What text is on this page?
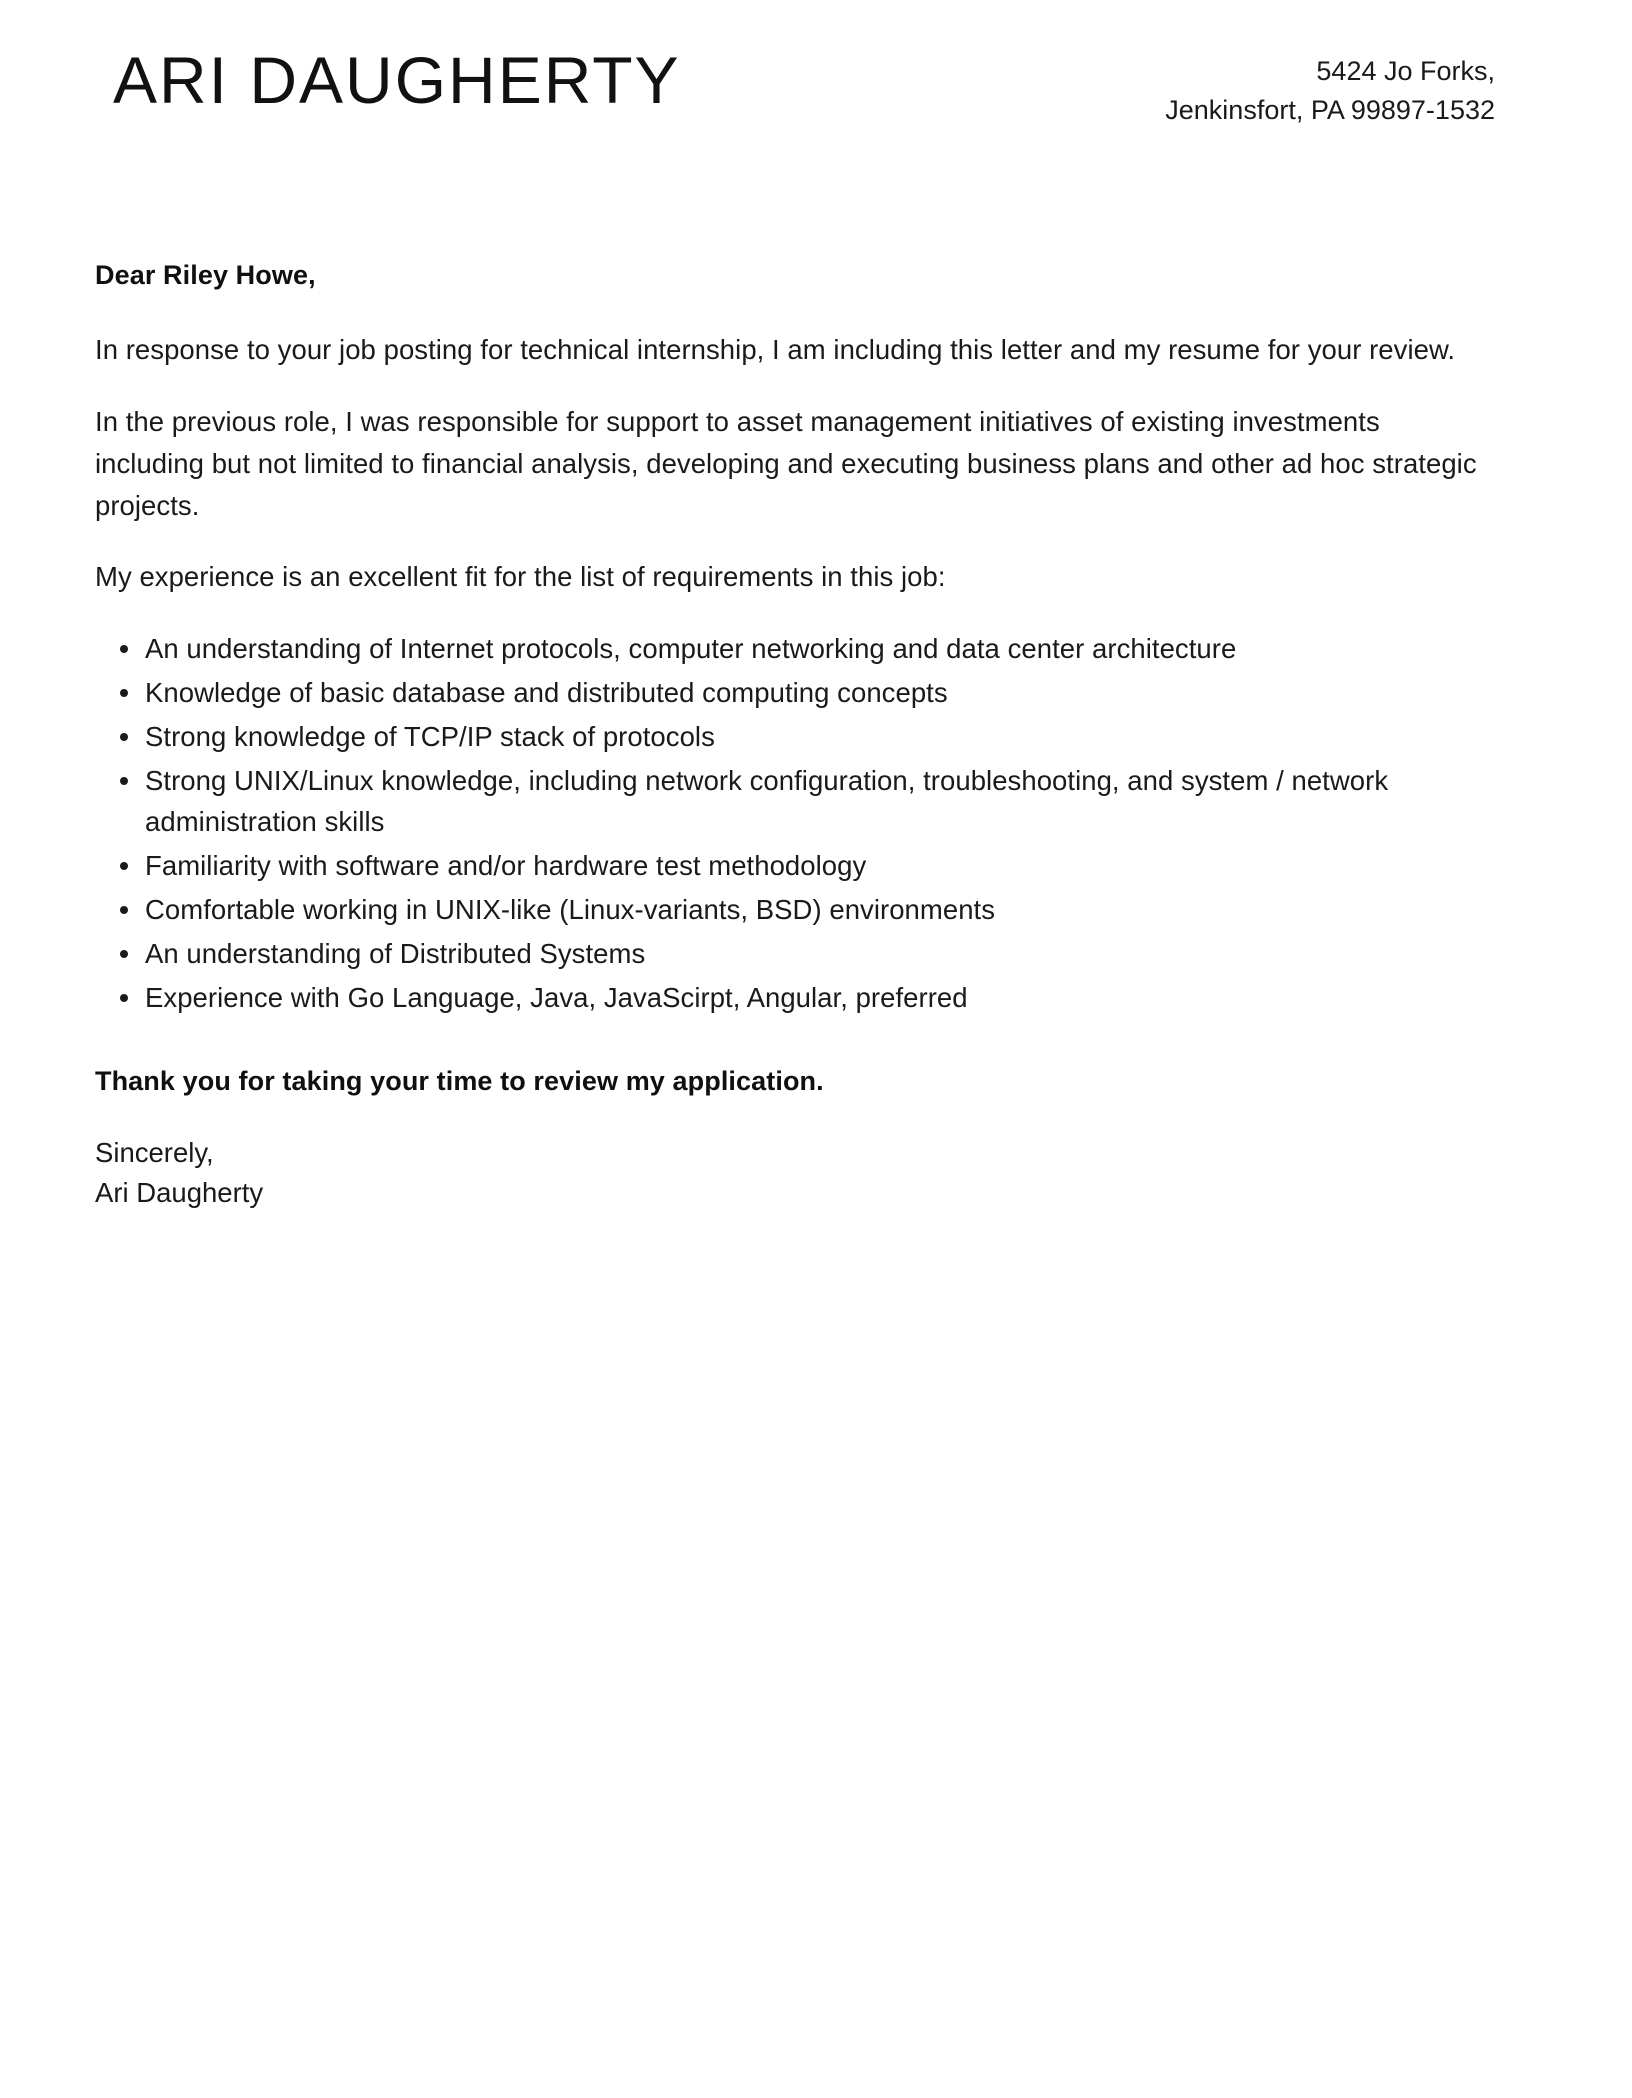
ARI DAUGHERTY	5424 Jo Forks,
Jenkinsfort, PA 99897-1532

Dear Riley Howe,

In response to your job posting for technical internship, I am including this letter and my resume for your review.

In the previous role, I was responsible for support to asset management initiatives of existing investments including but not limited to financial analysis, developing and executing business plans and other ad hoc strategic projects.

My experience is an excellent fit for the list of requirements in this job:

An understanding of Internet protocols, computer networking and data center architecture
Knowledge of basic database and distributed computing concepts
Strong knowledge of TCP/IP stack of protocols
Strong UNIX/Linux knowledge, including network configuration, troubleshooting, and system / network administration skills
Familiarity with software and/or hardware test methodology
Comfortable working in UNIX-like (Linux-variants, BSD) environments
An understanding of Distributed Systems
Experience with Go Language, Java, JavaScirpt, Angular, preferred

Thank you for taking your time to review my application.

Sincerely,
Ari Daugherty
